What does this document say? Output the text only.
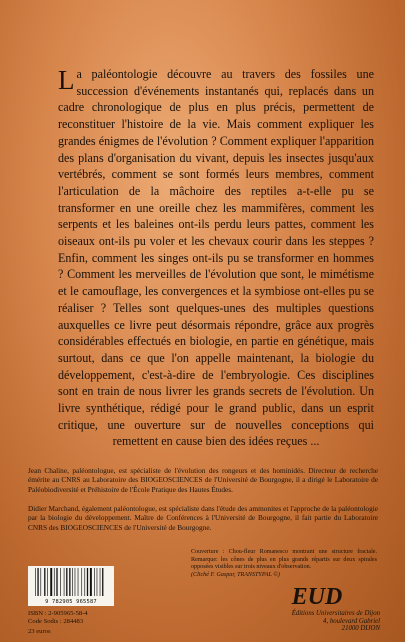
La paléontologie découvre au travers des fossiles une succession d'événements instantanés qui, replacés dans un cadre chronologique de plus en plus précis, permettent de reconstituer l'histoire de la vie. Mais comment expliquer les grandes énigmes de l'évolution ? Comment expliquer l'apparition des plans d'organisation du vivant, depuis les insectes jusqu'aux vertébrés, comment se sont formés leurs membres, comment l'articulation de la mâchoire des reptiles a-t-elle pu se transformer en une oreille chez les mammifères, comment les serpents et les baleines ont-ils perdu leurs pattes, comment les oiseaux ont-ils pu voler et les chevaux courir dans les steppes ? Enfin, comment les singes ont-ils pu se transformer en hommes ? Comment les merveilles de l'évolution que sont, le mimétisme et le camouflage, les convergences et la symbiose ont-elles pu se réaliser ? Telles sont quelques-unes des multiples questions auxquelles ce livre peut désormais répondre, grâce aux progrès considérables effectués en biologie, en partie en génétique, mais surtout, dans ce que l'on appelle maintenant, la biologie du développement, c'est-à-dire de l'embryologie. Ces disciplines sont en train de nous livrer les grands secrets de l'évolution. Un livre synthétique, rédigé pour le grand public, dans un esprit critique, une ouverture sur de nouvelles conceptions qui remettent en cause bien des idées reçues ...

Jean Chaline, paléontologue, est spécialiste de l'évolution des rongeurs et des hominidés. Directeur de recherche émérite au CNRS au Laboratoire des BIOGEOSCIENCES de l'Université de Bourgogne, il a dirigé le Laboratoire de Paléobiodiversité et Préhistoire de l'École Pratique des Hautes Études.

Didier Marchand, également paléontologue, est spécialiste dans l'étude des ammonites et l'approche de la paléontologie par la biologie du développement. Maître de Conférences à l'Université de Bourgogne, il fait partie du Laboratoire CNRS des BIOGEOSCIENCES de l'Université de Bourgogne.

Couverture : Chou-fleur Romanesco montrant une structure fractale. Remarque: les cônes de plus en plus grands répartis sur deux spirales opposées visibles sur trois niveaux d'observation.
(Cliché F. Gaspar, TRANSTYPAL ©)

9 782905 965587

ISBN : 2-905965-58-4
Code Sodis : 284483

23 euros

EUD

Éditions Universitaires de Dijon
4, boulevard Gabriel
21000 DIJON
